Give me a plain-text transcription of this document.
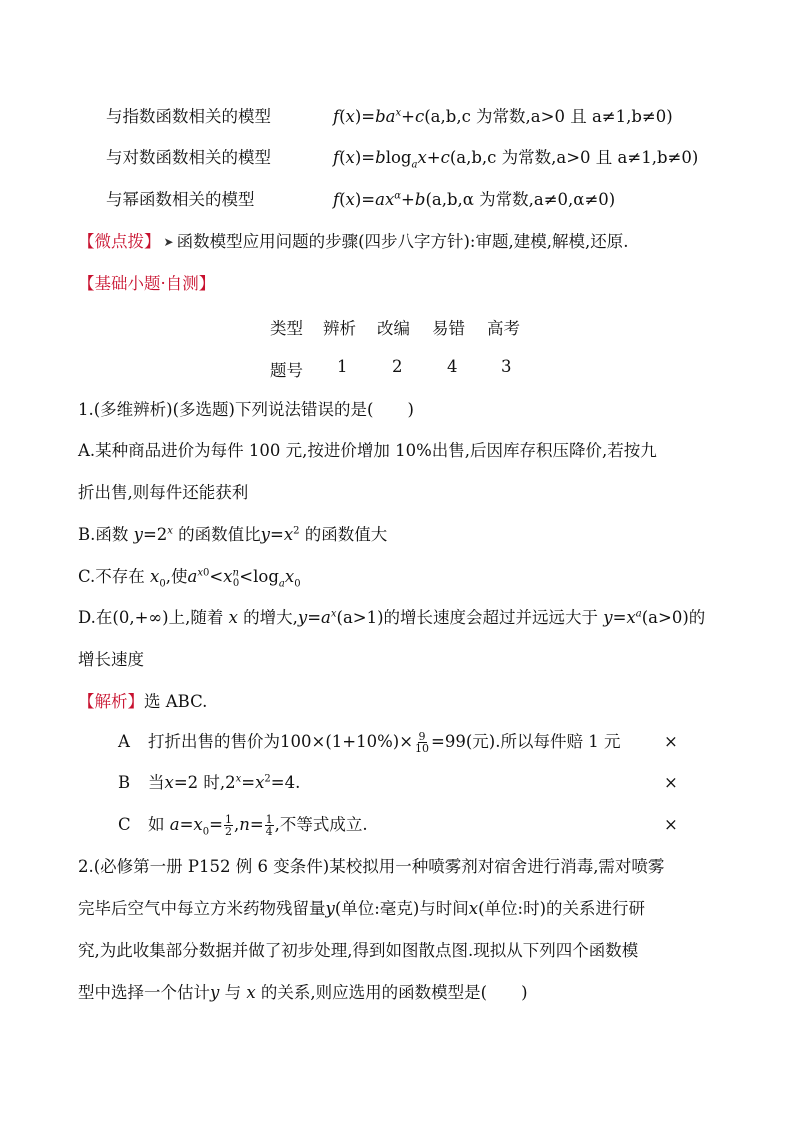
与指数函数相关的模型	$f(x)=ba^x+c(a,b,c$ 为常数,a>0 且 a≠1,b≠0)
与对数函数相关的模型	f(x)=blog$_a$x+c(a,b,c 为常数,a>0 且 a≠1,b≠0)
与幂函数相关的模型	$f(x)=ax^\alpha+b(a,b,\alpha$ 为常数,a≠0,α≠0)
【微点拨】 ➤ 函数模型应用问题的步骤(四步八字方针):审题,建模,解模,还原.
【基础小题·自测】
类型 辨析 改编 易错 高考
题号 1	2	4	3
1.(多维辨析)(多选题)下列说法错误的是( )
A.某种商品进价为每件 100 元,按进价增加 10%出售,后因库存积压降价,若按九
折出售,则每件还能获利
B.函数 $y=2^x$ 的函数值比$y=x^2$ 的函数值大
C.不存在 $x_0$,使$a^{x0}<x^n_0<\log_ax_0$
D.在(0,+∞)上,随着 x 的增大$,y=a^x(a>1)$的增长速度会超过并远远大于 $y=x^a(a>0)$的
增长速度
【解析】选 ABC.
A 打折出售的售价为$100\times(1+10\%)\times \frac{9}{10} =99$(元).所以每件赔 1 元	×
B 当x=2 时$,2^x=x^2=4$.	×
C 如 $a=x_0= \frac{1}{2} ,n= \frac{1}{4}$ ,不等式成立.	×
2.(必修第一册 P152 例 6 变条件)某校拟用一种喷雾剂对宿舍进行消毒,需对喷雾
完毕后空气中每立方米药物残留量y(单位:毫克)与时间x(单位:时)的关系进行研
究,为此收集部分数据并做了初步处理,得到如图散点图.现拟从下列四个函数模
型中选择一个估计y 与 x 的关系,则应选用的函数模型是( )
